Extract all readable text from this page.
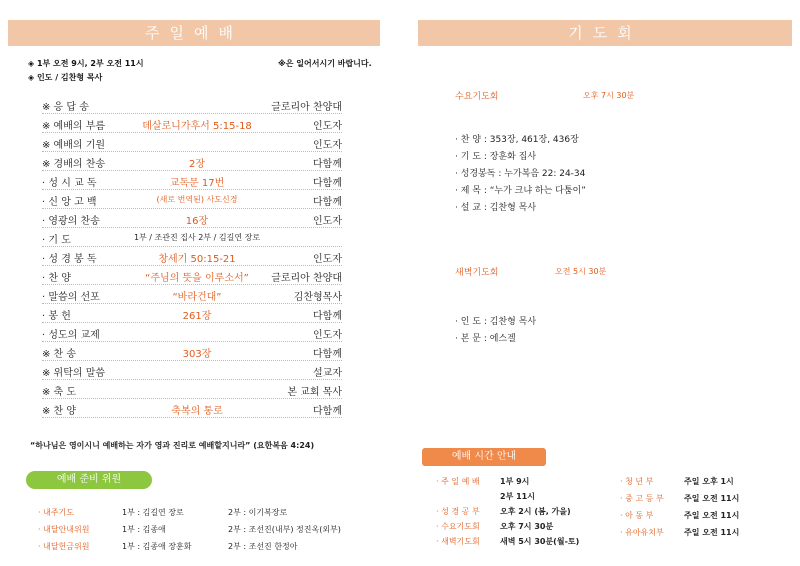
주일예배
◈ 1부 오전 9시, 2부 오전 11시	※은 일어서시기 바랍니다.
◈ 인도 / 김찬형 목사
※ 응 답 송	글로리아 찬양대
※ 예배의 부름	데살로니가후서 5:15-18	인도자
※ 예배의 기원	인도자
※ 경배의 찬송	2장	다함께
· 성 시 교 독	교독문 17번	다함께
· 신 앙 고 백	(새로 번역된) 사도신경	다함께
· 영광의 찬송	16장	인도자
· 기 도	1부 / 조관진 집사 2부 / 김길연 장로
· 성 경 봉 독	창세기 50:15-21	인도자
· 찬 양	“주님의 뜻을 이루소서”	글로리아 찬양대
· 말씀의 선포	“바라건대”	김찬형목사
· 봉 헌	261장	다함께
· 성도의 교제	인도자
※ 찬 송	303장	다함께
※ 위탁의 말씀	설교자
※ 축 도	본 교회 목사
※ 찬 양	축복의 통로	다함께
“하나님은 영이시니 예배하는 자가 영과 진리로 예배할지니라” (요한복음 4:24)
예배 준비 위원
· 내주기도	1부 : 김길연 장로	2부 : 이기복장로
· 내달안내위원	1부 : 김종애	2부 : 조선진(내부) 정진옥(외부)
· 내달헌금위원	1부 : 김종애 장훈화	2부 : 조선진 한정아
기도회
수요기도회	오후 7시 30분
· 찬 양 : 353장, 461장, 436장
· 기 도 : 장훈화 집사
· 성경봉독 : 누가복음 22: 24-34
· 제 목 : “누가 크냐 하는 다툼이”
· 설 교 : 김찬형 목사
새벽기도회	오전 5시 30분
· 인 도 : 김찬형 목사
· 본 문 : 에스겔
예배 시간 안내
· 주 일 예 배	1부 9시
2부 11시
· 성 경 공 부	오후 2시 (봄, 가을)
· 수요기도회	오후 7시 30분
· 새벽기도회	새벽 5시 30분(월-토)
· 청 년 부	주일 오후 1시
· 중 고 등 부	주일 오전 11시
· 아 동 부	주일 오전 11시
· 유아유치부	주일 오전 11시
